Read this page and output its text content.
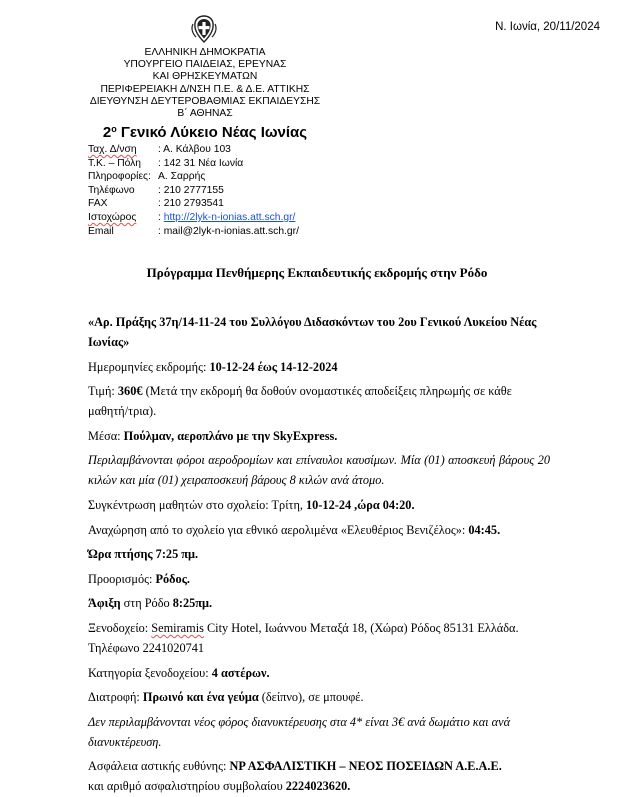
Ν. Ιωνία, 20/11/2024
ΕΛΛΗΝΙΚΗ ΔΗΜΟΚΡΑΤΙΑ
ΥΠΟΥΡΓΕΙΟ ΠΑΙΔΕΙΑΣ, ΕΡΕΥΝΑΣ
ΚΑΙ ΘΡΗΣΚΕΥΜΑΤΩΝ
ΠΕΡΙΦΕΡΕΙΑΚΗ Δ/ΝΣΗ Π.Ε. & Δ.Ε. ΑΤΤΙΚΗΣ
ΔΙΕΥΘΥΝΣΗ ΔΕΥΤΕΡΟΒΑΘΜΙΑΣ ΕΚΠΑΙΔΕΥΣΗΣ
Β΄ ΑΘΗΝΑΣ
$2^o$ Γενικό Λύκειο Νέας Ιωνίας
Ταχ. Δ/νση	: Α. Κάλβου 103
Τ.Κ. – Πόλη	: 142 31 Νέα Ιωνία
Πληροφορίες: Α. Σαρρής
Τηλέφωνο	: 210 2777155
FAX	: 210 2793541
Ιστοχώρος	: http://2lyk-n-ionias.att.sch.gr/
Email	: mail@2lyk-n-ionias.att.sch.gr/
Πρόγραμμα Πενθήμερης Εκπαιδευτικής εκδρομής στην Ρόδο

«Αρ. Πράξης 37η/14-11-24 του Συλλόγου Διδασκόντων του 2ου Γενικού Λυκείου Νέας Ιωνίας»

Ημερομηνίες εκδρομής: 10-12-24 έως 14-12-2024

Τιμή: 360€ (Μετά την εκδρομή θα δοθούν ονομαστικές αποδείξεις πληρωμής σε κάθε μαθητή/τρια).

Μέσα: Πούλμαν, αεροπλάνο με την SkyExpress.

Περιλαμβάνονται φόροι αεροδρομίων και επίναυλοι καυσίμων. Μία (01) αποσκευή βάρους 20 κιλών και μία (01) χειραποσκευή βάρους 8 κιλών ανά άτομο.

Συγκέντρωση μαθητών στο σχολείο: Τρίτη, 10-12-24 ,ώρα 04:20.

Αναχώρηση από το σχολείο για εθνικό αερολιμένα «Ελευθέριος Βενιζέλος»: 04:45.

Ώρα πτήσης 7:25 πμ.

Προορισμός: Ρόδος.

Άφιξη στη Ρόδο 8:25πμ.

Ξενοδοχείο: Semiramis City Hotel, Ιωάννου Μεταξά 18, (Χώρα) Ρόδος 85131 Ελλάδα. Τηλέφωνο 2241020741

Κατηγορία ξενοδοχείου: 4 αστέρων.

Διατροφή: Πρωινό και ένα γεύμα (δείπνο), σε μπουφέ.

Δεν περιλαμβάνονται νέος φόρος διανυκτέρευσης στα 4* είναι 3€ ανά δωμάτιο και ανά διανυκτέρευση.

Ασφάλεια αστικής ευθύνης: ΝΡ ΑΣΦΑΛΙΣΤΙΚΗ – ΝΕΟΣ ΠΟΣΕΙΔΩΝ Α.Ε.Α.Ε.

και αριθμό ασφαλιστηρίου συμβολαίου 2224023620.
